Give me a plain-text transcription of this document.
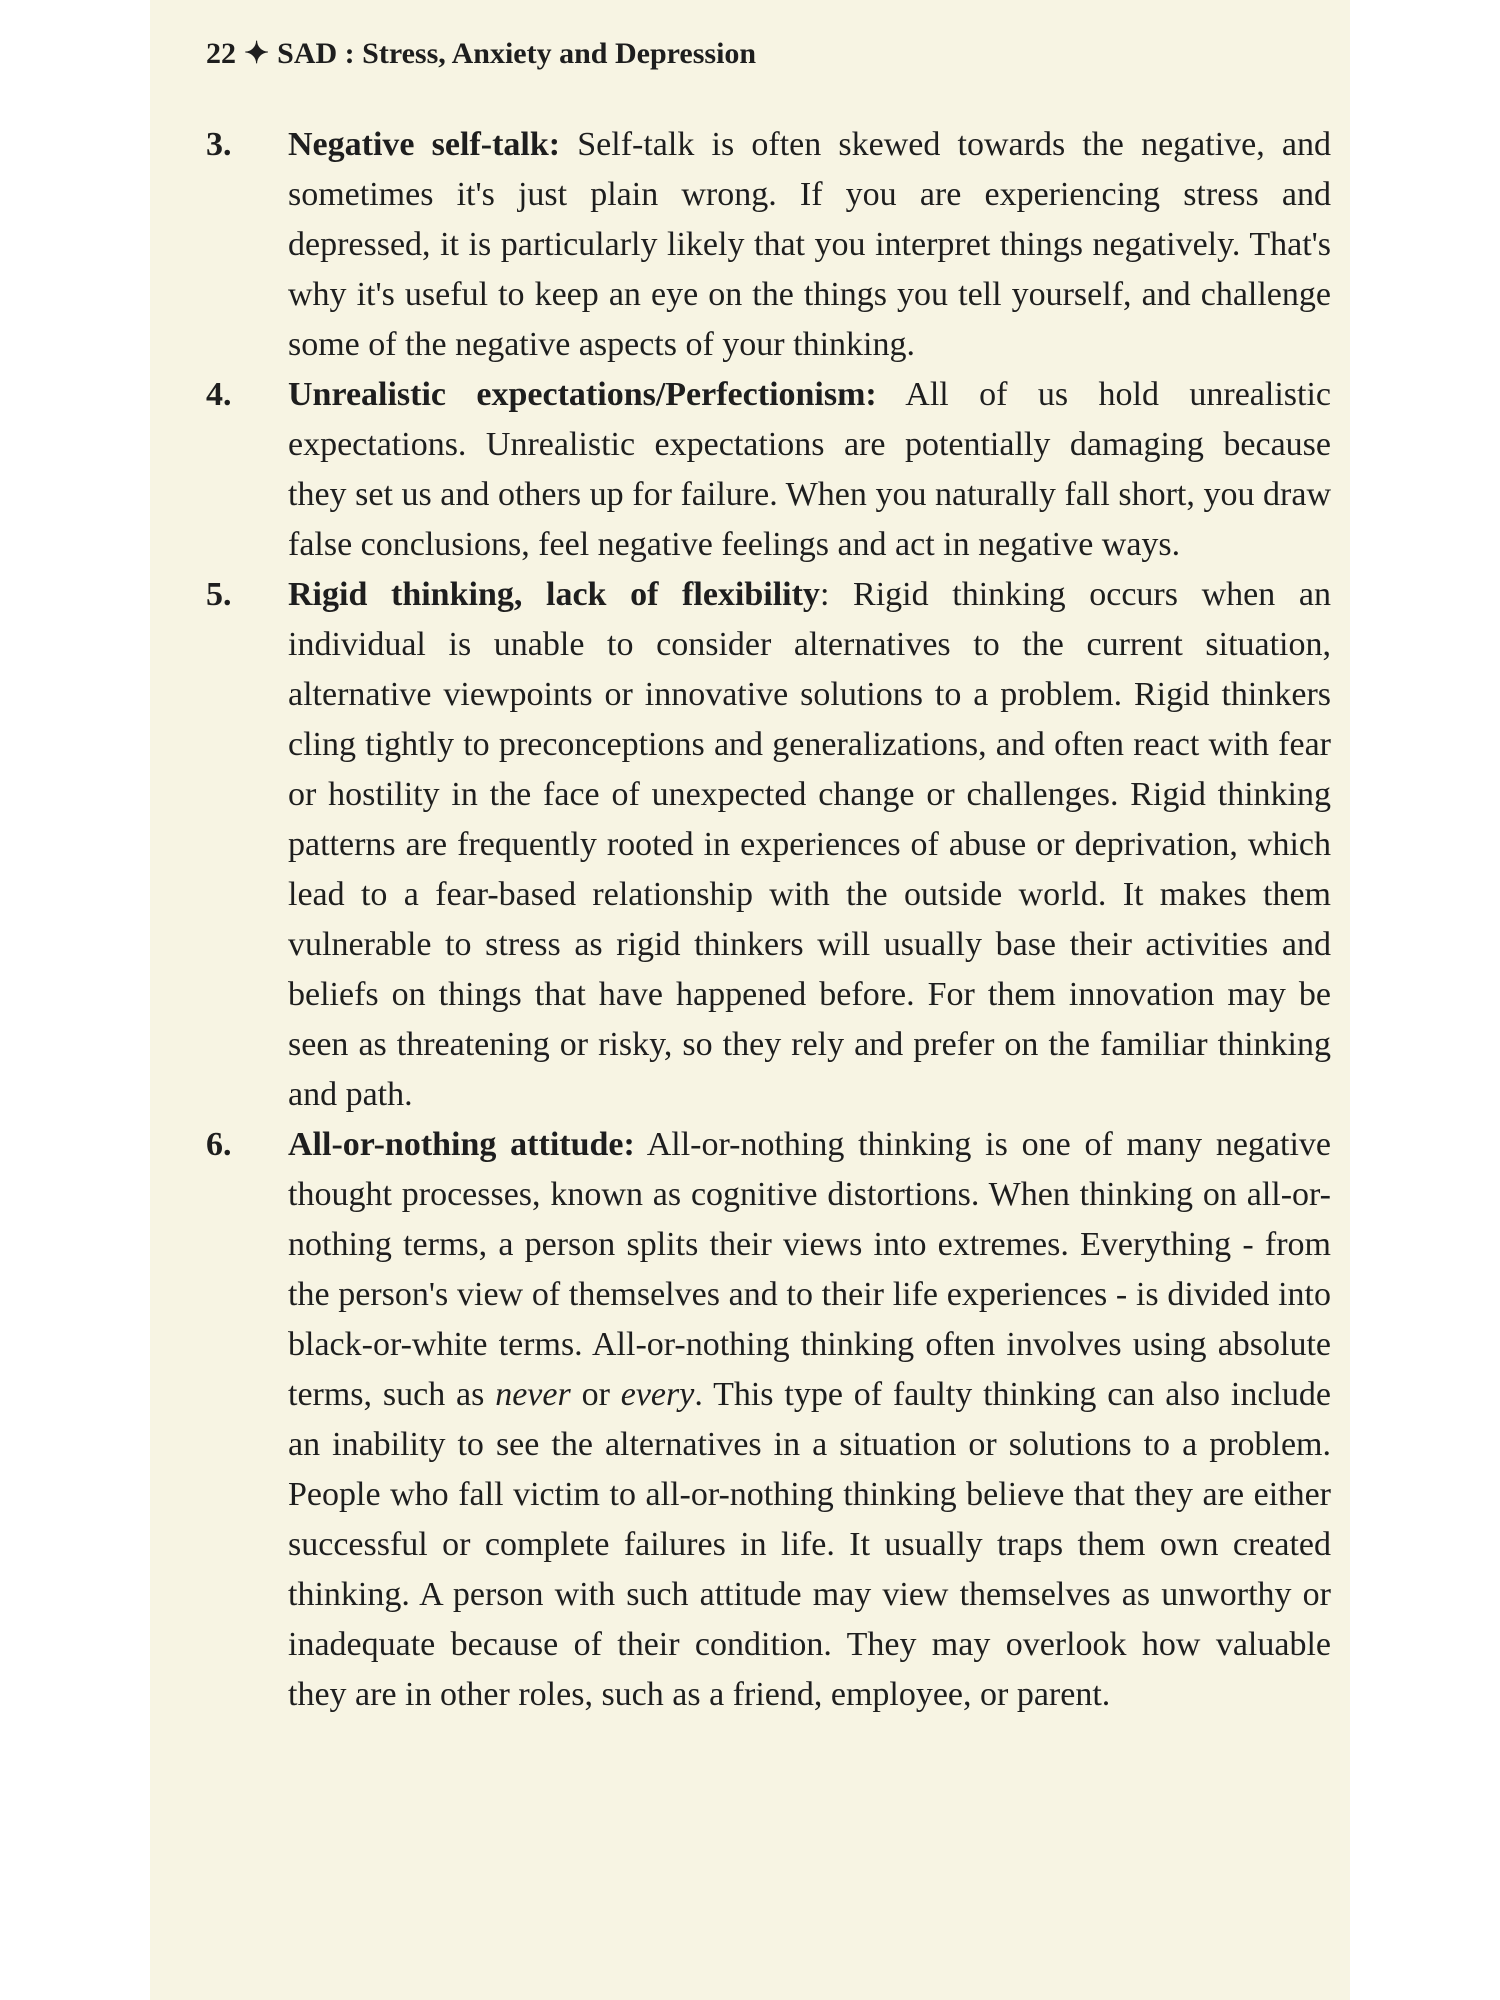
22 ✦ SAD : Stress, Anxiety and Depression
3.	Negative self-talk: Self-talk is often skewed towards the negative, and sometimes it's just plain wrong. If you are experiencing stress and depressed, it is particularly likely that you interpret things negatively. That's why it's useful to keep an eye on the things you tell yourself, and challenge some of the negative aspects of your thinking.
4.	Unrealistic expectations/Perfectionism: All of us hold unrealistic expectations. Unrealistic expectations are potentially damaging because they set us and others up for failure. When you naturally fall short, you draw false conclusions, feel negative feelings and act in negative ways.
5.	Rigid thinking, lack of flexibility: Rigid thinking occurs when an individual is unable to consider alternatives to the current situation, alternative viewpoints or innovative solutions to a problem. Rigid thinkers cling tightly to preconceptions and generalizations, and often react with fear or hostility in the face of unexpected change or challenges. Rigid thinking patterns are frequently rooted in experiences of abuse or deprivation, which lead to a fear-based relationship with the outside world. It makes them vulnerable to stress as rigid thinkers will usually base their activities and beliefs on things that have happened before. For them innovation may be seen as threatening or risky, so they rely and prefer on the familiar thinking and path.
6.	All-or-nothing attitude: All-or-nothing thinking is one of many negative thought processes, known as cognitive distortions. When thinking on all-or-nothing terms, a person splits their views into extremes. Everything - from the person's view of themselves and to their life experiences - is divided into black-or-white terms. All-or-nothing thinking often involves using absolute terms, such as never or every. This type of faulty thinking can also include an inability to see the alternatives in a situation or solutions to a problem. People who fall victim to all-or-nothing thinking believe that they are either successful or complete failures in life. It usually traps them own created thinking. A person with such attitude may view themselves as unworthy or inadequate because of their condition. They may overlook how valuable they are in other roles, such as a friend, employee, or parent.
